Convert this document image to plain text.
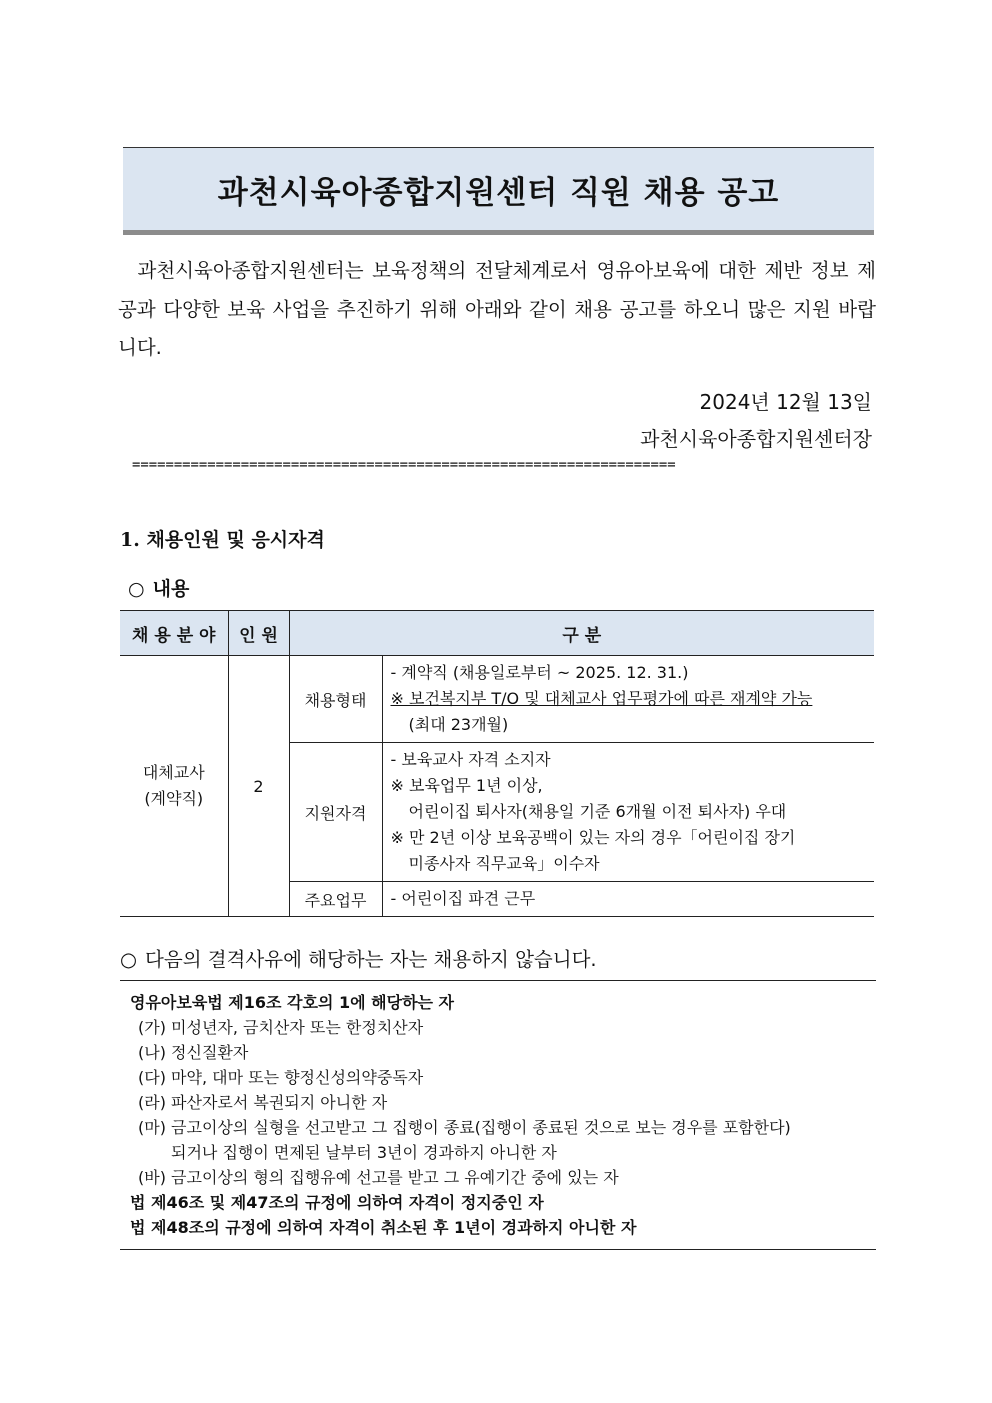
과천시육아종합지원센터 직원 채용 공고

 과천시육아종합지원센터는 보육정책의 전달체계로서 영유아보육에 대한 제반 정보 제공과 다양한 보육 사업을 추진하기 위해 아래와 같이 채용 공고를 하오니 많은 지원 바랍니다.

2024년 12월 13일
과천시육아종합지원센터장
=================================================================
1. 채용인원 및 응시자격
○ 내용
채 용 분 야	인 원	구 분	
대체교사
(계약직)	2	채용형태	- 계약직 (채용일로부터 ~ 2025. 12. 31.)
※ 보건복지부 T/O 및 대체교사 업무평가에 따른 재계약 가능
(최대 23개월)

		지원자격	- 보육교사 자격 소지자
※ 보육업무 1년 이상,
어린이집 퇴사자(채용일 기준 6개월 이전 퇴사자) 우대
※ 만 2년 이상 보육공백이 있는 자의 경우「어린이집 장기
미종사자 직무교육」이수자

		주요업무	- 어린이집 파견 근무
○ 다음의 결격사유에 해당하는 자는 채용하지 않습니다.
영유아보육법 제16조 각호의 1에 해당하는 자
(가) 미성년자, 금치산자 또는 한정치산자
(나) 정신질환자
(다) 마약, 대마 또는 향정신성의약중독자
(라) 파산자로서 복권되지 아니한 자
(마) 금고이상의 실형을 선고받고 그 집행이 종료(집행이 종료된 것으로 보는 경우를 포함한다)
되거나 집행이 면제된 날부터 3년이 경과하지 아니한 자
(바) 금고이상의 형의 집행유예 선고를 받고 그 유예기간 중에 있는 자
법 제46조 및 제47조의 규정에 의하여 자격이 정지중인 자
법 제48조의 규정에 의하여 자격이 취소된 후 1년이 경과하지 아니한 자
